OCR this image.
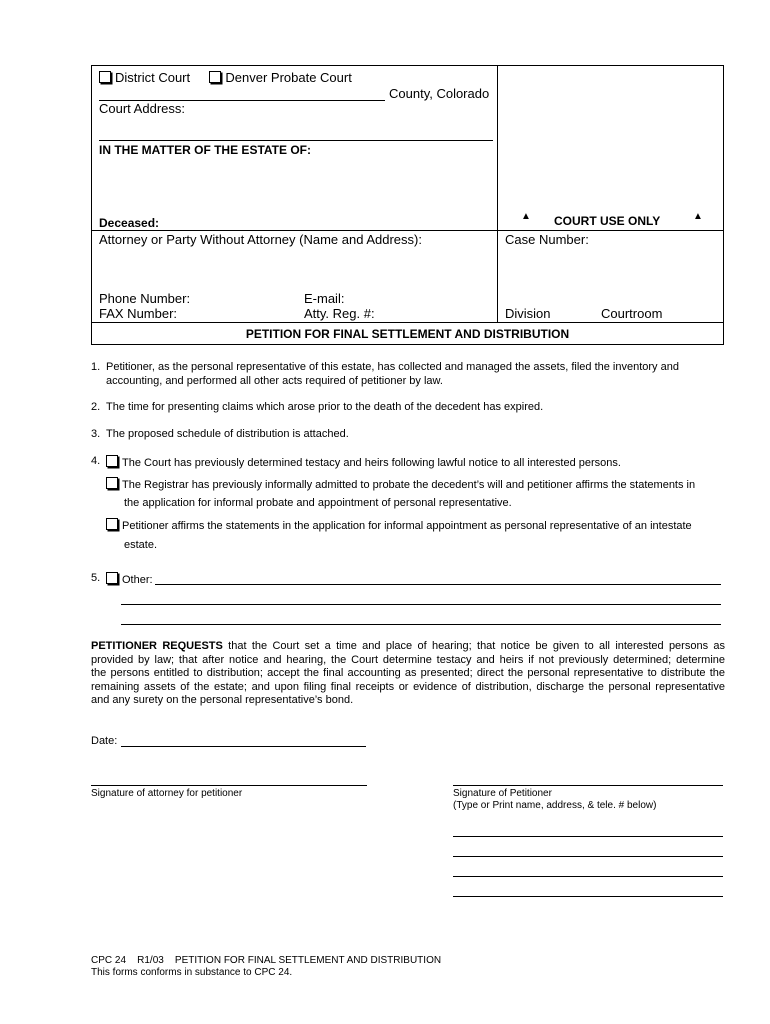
District Court	Denver Probate Court
County, Colorado
Court Address:
IN THE MATTER OF THE ESTATE OF:
Deceased:
Attorney or Party Without Attorney (Name and Address):
Phone Number:	E-mail:
FAX Number:	Atty. Reg. #:
▲ COURT USE ONLY	▲
Case Number:
Division	Courtroom
PETITION FOR FINAL SETTLEMENT AND DISTRIBUTION
1. Petitioner, as the personal representative of this estate, has collected and managed the assets, filed the inventory and
accounting, and performed all other acts required of petitioner by law.
2. The time for presenting claims which arose prior to the death of the decedent has expired.
3. The proposed schedule of distribution is attached.
4.	The Court has previously determined testacy and heirs following lawful notice to all interested persons.
The Registrar has previously informally admitted to probate the decedent’s will and petitioner affirms the statements in
the application for informal probate and appointment of personal representative.
Petitioner affirms the statements in the application for informal appointment as personal representative of an intestate
estate.
5.	Other:
PETITIONER REQUESTS that the Court set a time and place of hearing; that notice be given to all interested persons as
provided by law; that after notice and hearing, the Court determine testacy and heirs if not previously determined; determine
the persons entitled to distribution; accept the final accounting as presented; direct the personal representative to distribute the
remaining assets of the estate; and upon filing final receipts or evidence of distribution, discharge the personal representative
and any surety on the personal representative’s bond.
Date:
Signature of attorney for petitioner	Signature of Petitioner
(Type or Print name, address, & tele. # below)
CPC 24    R1/03    PETITION FOR FINAL SETTLEMENT AND DISTRIBUTION
This forms conforms in substance to CPC 24.
